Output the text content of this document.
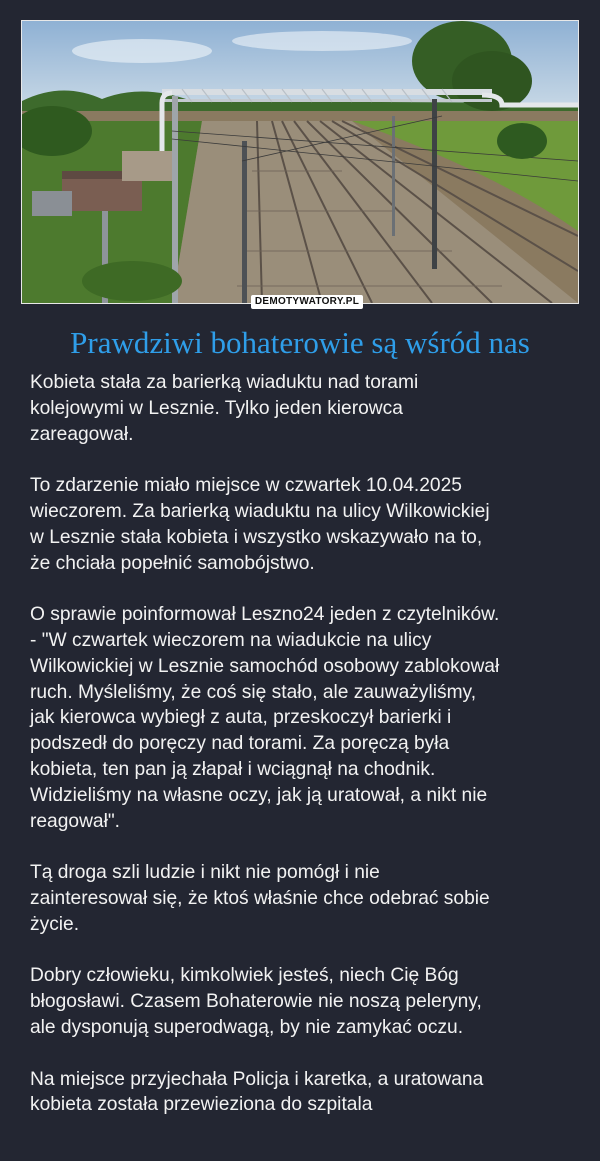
DEMOTYWATORY.PL
Prawdziwi bohaterowie są wśród nas

Kobieta stała za barierką wiaduktu nad torami
kolejowymi w Lesznie. Tylko jeden kierowca
zareagował.

To zdarzenie miało miejsce w czwartek 10.04.2025
wieczorem. Za barierką wiaduktu na ulicy Wilkowickiej
w Lesznie stała kobieta i wszystko wskazywało na to,
że chciała popełnić samobójstwo.

O sprawie poinformował Leszno24 jeden z czytelników.
- "W czwartek wieczorem na wiadukcie na ulicy
Wilkowickiej w Lesznie samochód osobowy zablokował
ruch. Myśleliśmy, że coś się stało, ale zauważyliśmy,
jak kierowca wybiegł z auta, przeskoczył barierki i
podszedł do poręczy nad torami. Za poręczą była
kobieta, ten pan ją złapał i wciągnął na chodnik.
Widzieliśmy na własne oczy, jak ją uratował, a nikt nie
reagował".

Tą droga szli ludzie i nikt nie pomógł i nie
zainteresował się, że ktoś właśnie chce odebrać sobie
życie.

Dobry człowieku, kimkolwiek jesteś, niech Cię Bóg
błogosławi. Czasem Bohaterowie nie noszą peleryny,
ale dysponują superodwagą, by nie zamykać oczu.

Na miejsce przyjechała Policja i karetka, a uratowana
kobieta została przewieziona do szpitala
